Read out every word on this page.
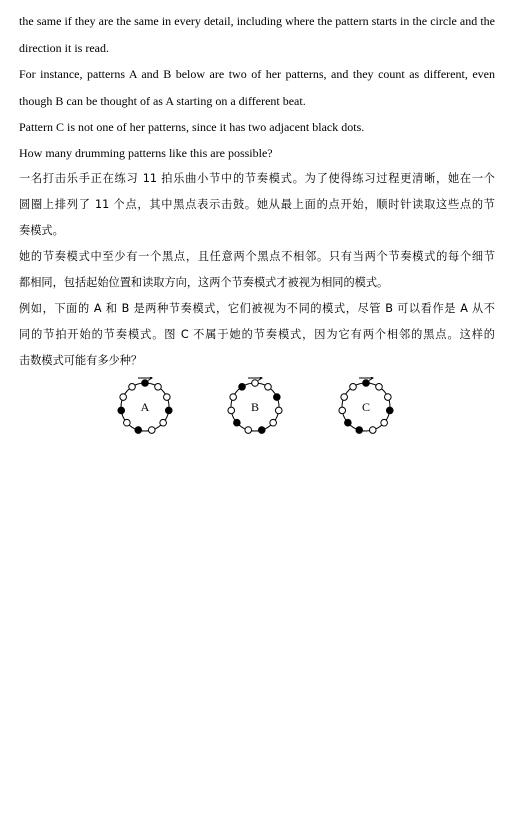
the same if they are the same in every detail, including where the pattern starts in the circle and the
direction it is read.
For instance, patterns A and B below are two of her patterns, and they count as different, even
though B can be thought of as A starting on a different beat.
Pattern C is not one of her patterns, since it has two adjacent black dots.
How many drumming patterns like this are possible?
一名打击乐手正在练习 11 拍乐曲小节中的节奏模式。为了使得练习过程更清晰，她在一个
圆圈上排列了 11 个点，其中黑点表示击鼓。她从最上面的点开始，顺时针读取这些点的节
奏模式。
她的节奏模式中至少有一个黑点，且任意两个黑点不相邻。只有当两个节奏模式的每个细节
都相同，包括起始位置和读取方向，这两个节奏模式才被视为相同的模式。
例如，下面的 A 和 B 是两种节奏模式，它们被视为不同的模式，尽管 B 可以看作是 A 从不
同的节拍开始的节奏模式。图 C 不属于她的节奏模式，因为它有两个相邻的黑点。这样的
击数模式可能有多少种？
A	B	C
